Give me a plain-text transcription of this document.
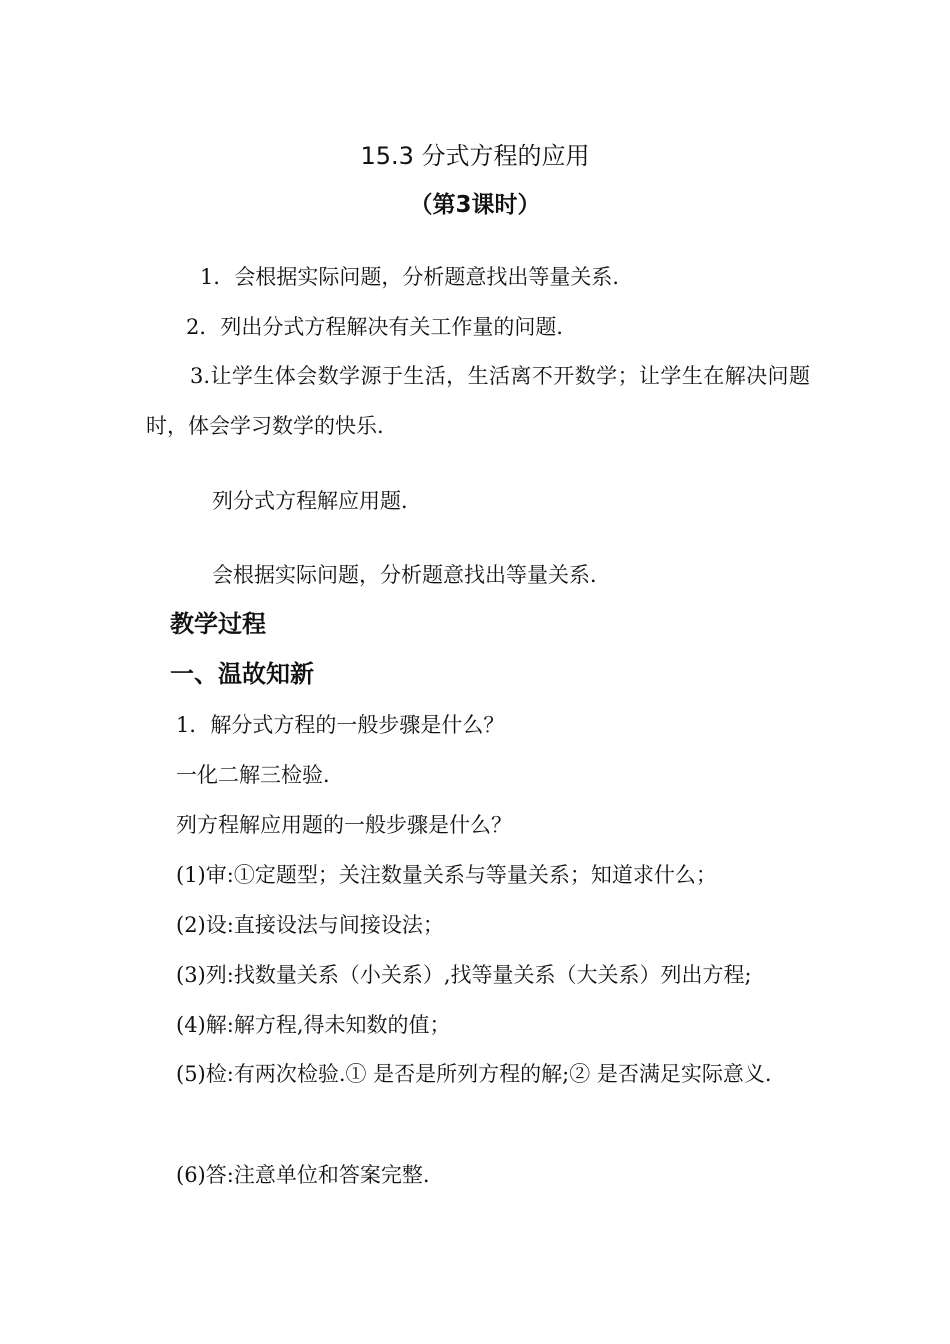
15.3 分式方程的应用
（第3课时）

1．会根据实际问题，分析题意找出等量关系．

2．列出分式方程解决有关工作量的问题．

3.让学生体会数学源于生活，生活离不开数学；让学生在解决问题时，体会学习数学的快乐.

列分式方程解应用题．

会根据实际问题，分析题意找出等量关系．

教学过程
一、温故知新

1．解分式方程的一般步骤是什么？

一化二解三检验．

列方程解应用题的一般步骤是什么？

(1)审:①定题型；关注数量关系与等量关系；知道求什么；

(2)设:直接设法与间接设法；

(3)列:找数量关系（小关系）,找等量关系（大关系）列出方程;

(4)解:解方程,得未知数的值；

(5)检:有两次检验.① 是否是所列方程的解;② 是否满足实际意义.

(6)答:注意单位和答案完整.
